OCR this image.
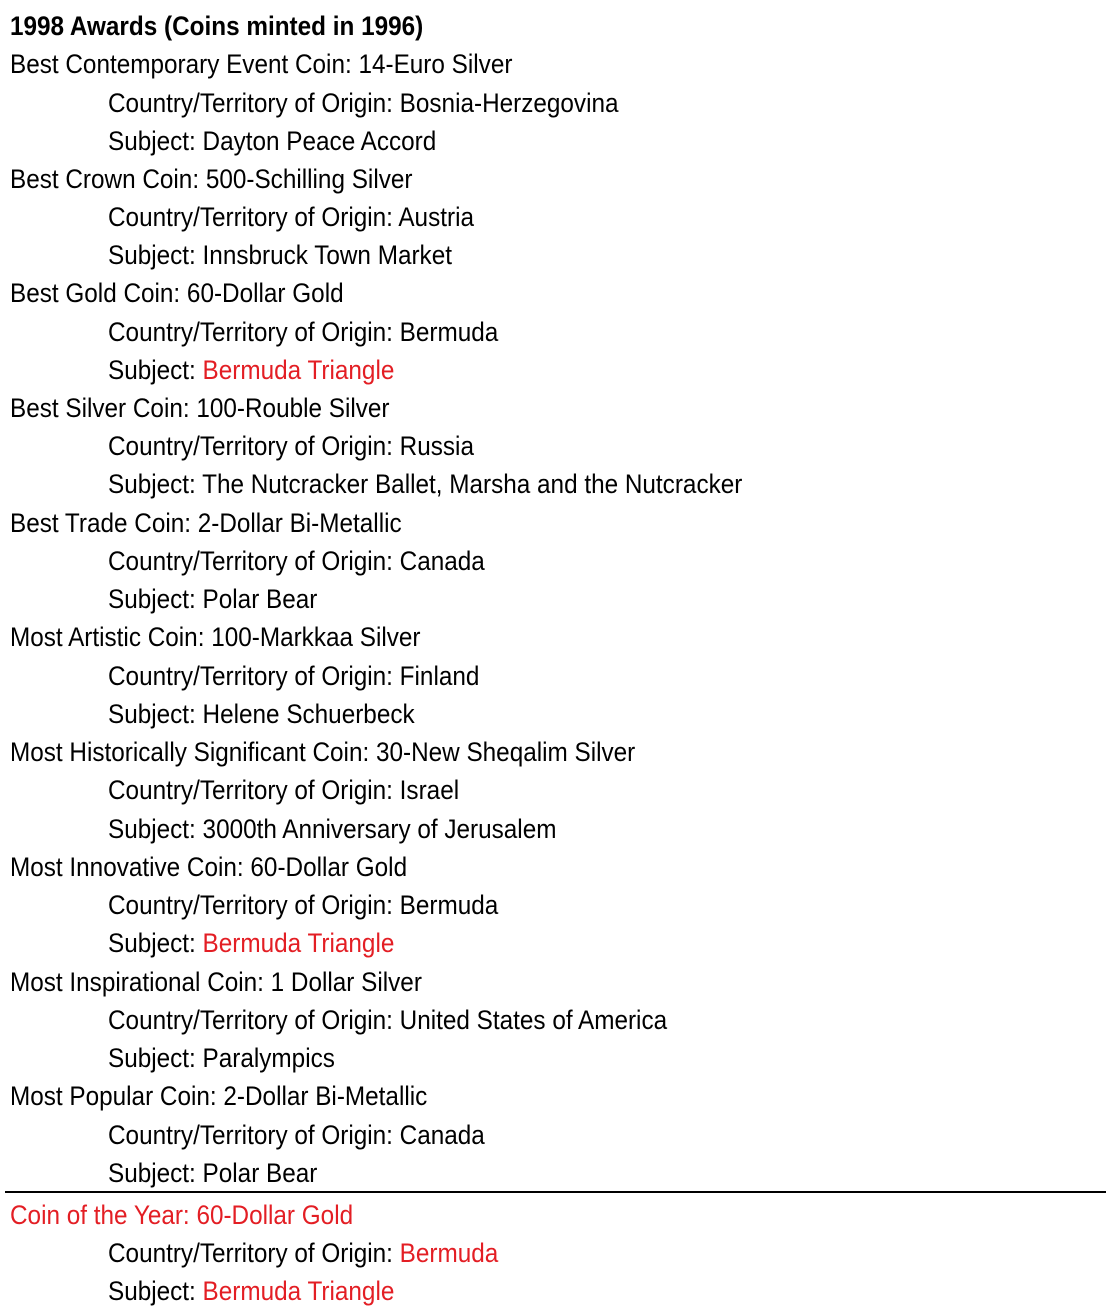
1998 Awards (Coins minted in 1996)
Best Contemporary Event Coin: 14-Euro Silver
Country/Territory of Origin: Bosnia-Herzegovina
Subject: Dayton Peace Accord
Best Crown Coin: 500-Schilling Silver
Country/Territory of Origin: Austria
Subject: Innsbruck Town Market
Best Gold Coin: 60-Dollar Gold
Country/Territory of Origin: Bermuda
Subject: Bermuda Triangle
Best Silver Coin: 100-Rouble Silver
Country/Territory of Origin: Russia
Subject: The Nutcracker Ballet, Marsha and the Nutcracker
Best Trade Coin: 2-Dollar Bi-Metallic
Country/Territory of Origin: Canada
Subject: Polar Bear
Most Artistic Coin: 100-Markkaa Silver
Country/Territory of Origin: Finland
Subject: Helene Schuerbeck
Most Historically Significant Coin: 30-New Sheqalim Silver
Country/Territory of Origin: Israel
Subject: 3000th Anniversary of Jerusalem
Most Innovative Coin: 60-Dollar Gold
Country/Territory of Origin: Bermuda
Subject: Bermuda Triangle
Most Inspirational Coin: 1 Dollar Silver
Country/Territory of Origin: United States of America
Subject: Paralympics
Most Popular Coin: 2-Dollar Bi-Metallic
Country/Territory of Origin: Canada
Subject: Polar Bear
Coin of the Year: 60-Dollar Gold
Country/Territory of Origin: Bermuda
Subject: Bermuda Triangle
